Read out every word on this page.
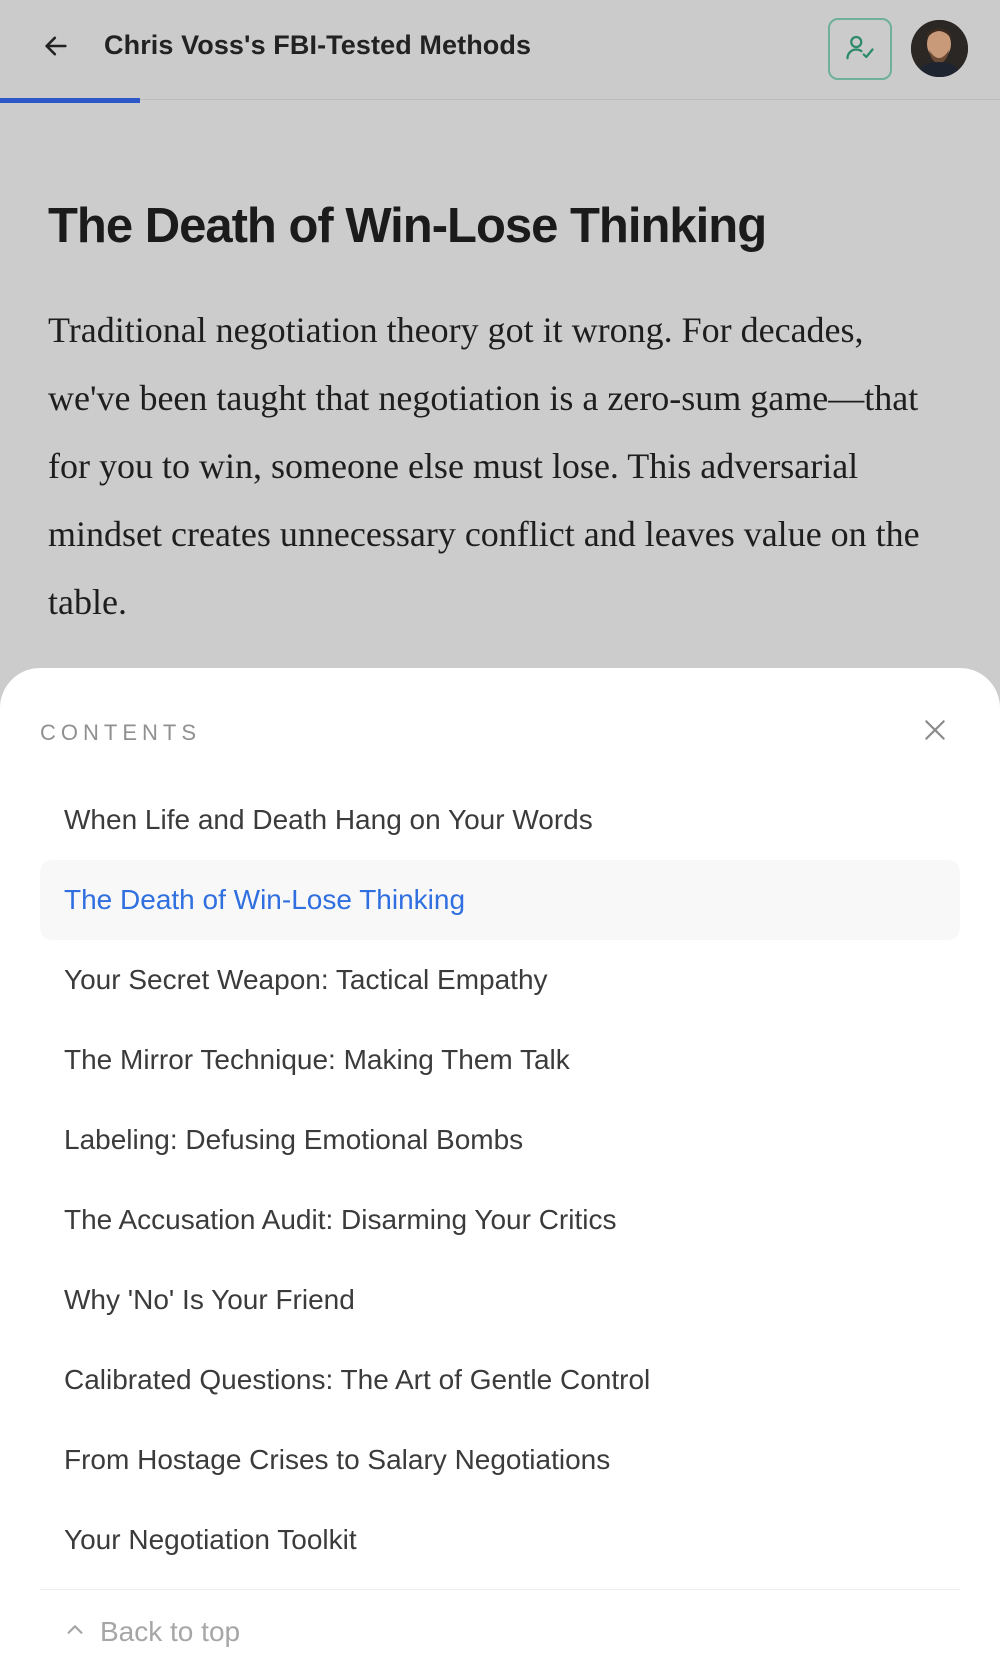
Chris Voss's FBI-Tested Methods
The Death of Win-Lose Thinking

Traditional negotiation theory got it wrong. For decades, we've been taught that negotiation is a zero-sum game—that for you to win, someone else must lose. This adversarial mindset creates unnecessary conflict and leaves value on the table.

CONTENTS
When Life and Death Hang on Your Words
The Death of Win-Lose Thinking
Your Secret Weapon: Tactical Empathy
The Mirror Technique: Making Them Talk
Labeling: Defusing Emotional Bombs
The Accusation Audit: Disarming Your Critics
Why 'No' Is Your Friend
Calibrated Questions: The Art of Gentle Control
From Hostage Crises to Salary Negotiations
Your Negotiation Toolkit
Back to top
